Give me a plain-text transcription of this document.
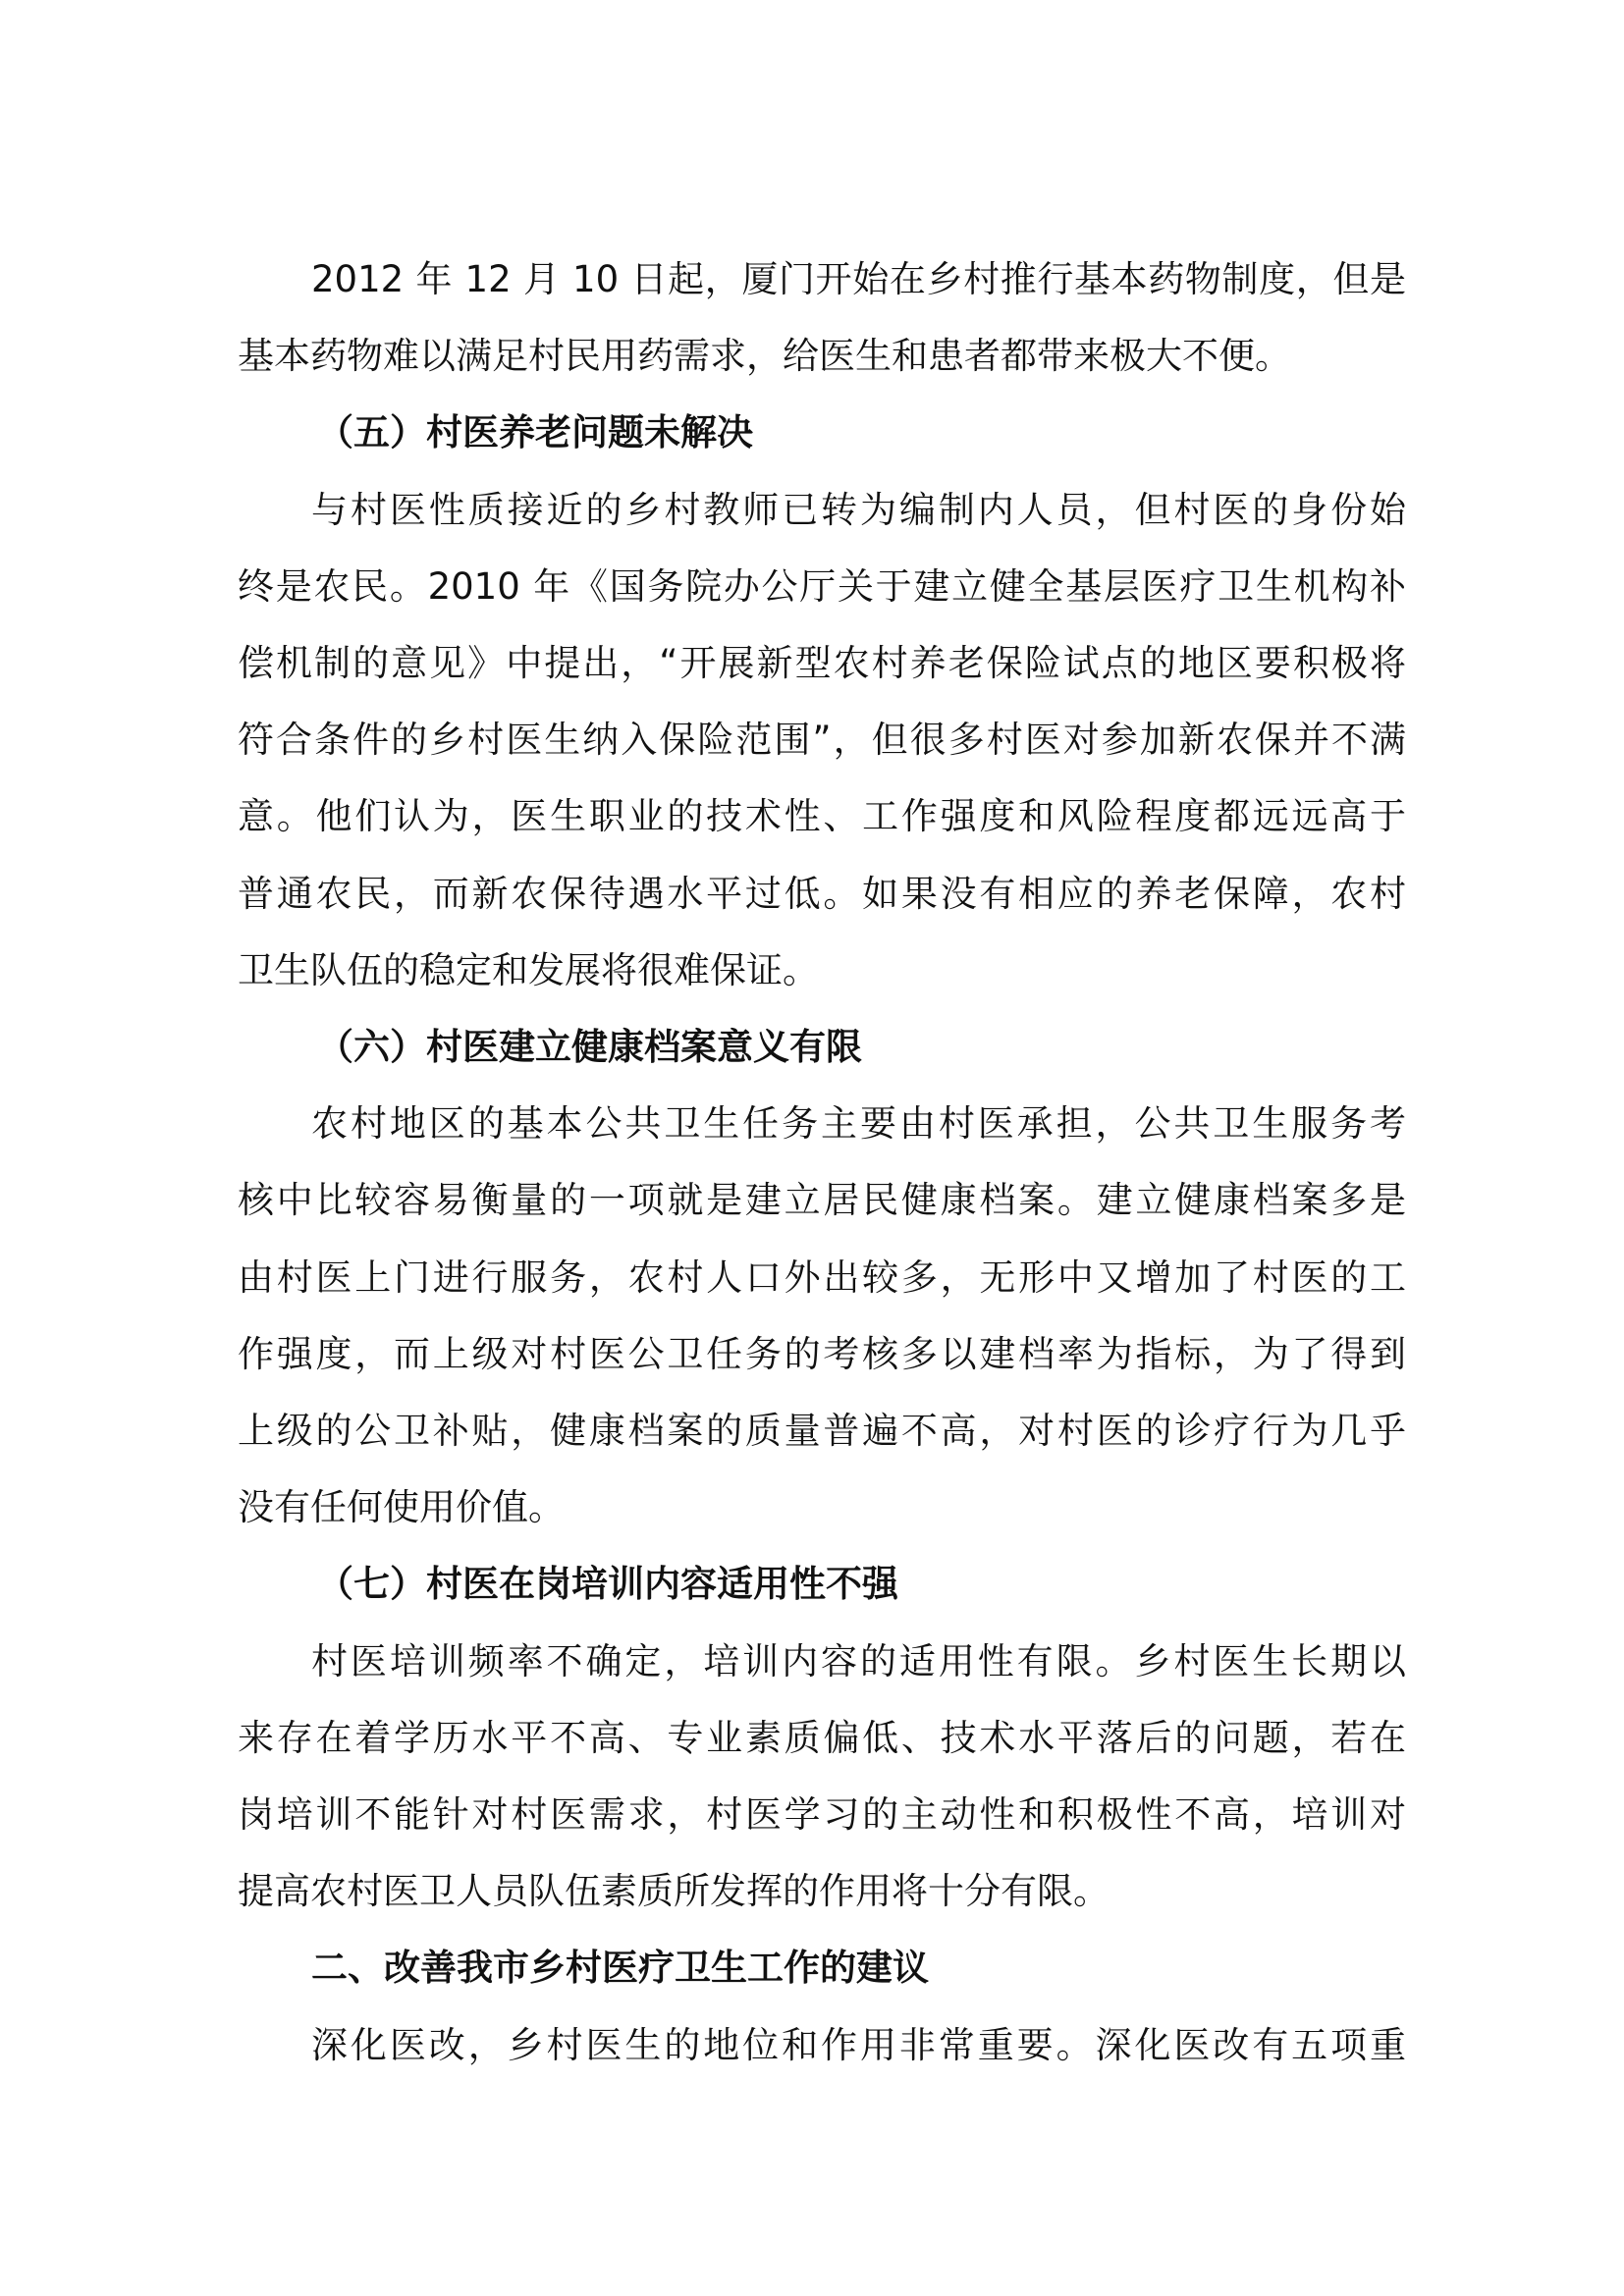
2012 年 12 月 10 日起，厦门开始在乡村推行基本药物制度，但是
基本药物难以满足村民用药需求，给医生和患者都带来极大不便。
（五）村医养老问题未解决
与村医性质接近的乡村教师已转为编制内人员，但村医的身份始
终是农民。2010 年《国务院办公厅关于建立健全基层医疗卫生机构补
偿机制的意见》中提出，“开展新型农村养老保险试点的地区要积极将
符合条件的乡村医生纳入保险范围”，但很多村医对参加新农保并不满
意。他们认为，医生职业的技术性、工作强度和风险程度都远远高于
普通农民，而新农保待遇水平过低。如果没有相应的养老保障，农村
卫生队伍的稳定和发展将很难保证。
（六）村医建立健康档案意义有限
农村地区的基本公共卫生任务主要由村医承担，公共卫生服务考
核中比较容易衡量的一项就是建立居民健康档案。建立健康档案多是
由村医上门进行服务，农村人口外出较多，无形中又增加了村医的工
作强度，而上级对村医公卫任务的考核多以建档率为指标，为了得到
上级的公卫补贴，健康档案的质量普遍不高，对村医的诊疗行为几乎
没有任何使用价值。
（七）村医在岗培训内容适用性不强
村医培训频率不确定，培训内容的适用性有限。乡村医生长期以
来存在着学历水平不高、专业素质偏低、技术水平落后的问题，若在
岗培训不能针对村医需求，村医学习的主动性和积极性不高，培训对
提高农村医卫人员队伍素质所发挥的作用将十分有限。
二、改善我市乡村医疗卫生工作的建议
深化医改，乡村医生的地位和作用非常重要。深化医改有五项重
